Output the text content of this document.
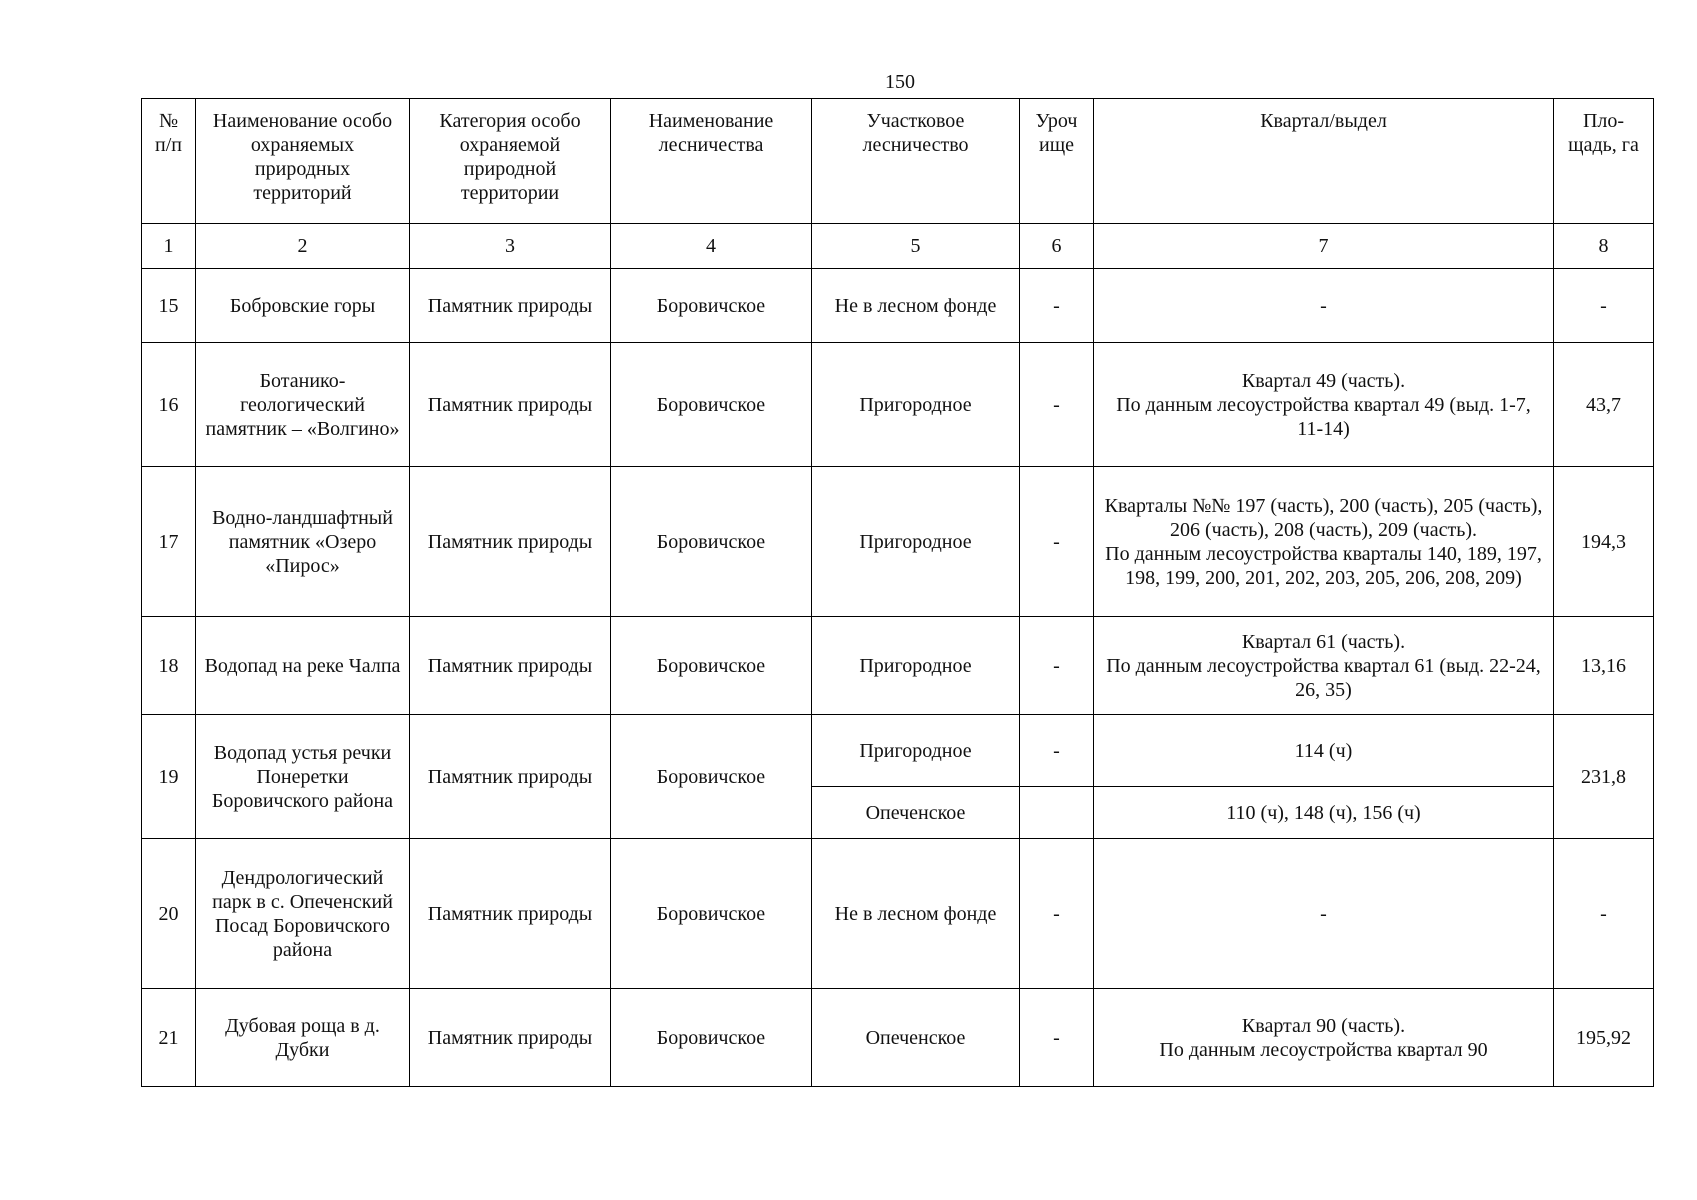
150
№ п/п	Наименование особо охраняемых природных территорий	Категория особо охраняемой природной территории	Наименование лесничества	Участковое лесничество	Уроч ище	Квартал/выдел	Пло- щадь, га
1	2	3	4	5	6	7	8
15	Бобровские горы	Памятник природы	Боровичское	Не в лесном фонде	-	-	-
16	Ботанико-геологический памятник – «Волгино»	Памятник природы	Боровичское	Пригородное	-	Квартал 49 (часть).
По данным лесоустройства квартал 49 (выд. 1-7, 11-14)	43,7
17	Водно-ландшафтный памятник «Озеро «Пирос»	Памятник природы	Боровичское	Пригородное	-	Кварталы №№ 197 (часть), 200 (часть), 205 (часть), 206 (часть), 208 (часть), 209 (часть).
По данным лесоустройства кварталы 140, 189, 197, 198, 199, 200, 201, 202, 203, 205, 206, 208, 209)	194,3
18	Водопад на реке Чалпа	Памятник природы	Боровичское	Пригородное	-	Квартал 61 (часть).
По данным лесоустройства квартал 61 (выд. 22-24, 26, 35)	13,16
19	Водопад устья речки Понеретки Боровичского района	Памятник природы	Боровичское	Пригородное	-	114 (ч)	231,8
				Опеченское		110 (ч), 148 (ч), 156 (ч)	
20	Дендрологический парк в с. Опеченский Посад Боровичского района	Памятник природы	Боровичское	Не в лесном фонде	-	-	-
21	Дубовая роща в д. Дубки	Памятник природы	Боровичское	Опеченское	-	Квартал 90 (часть).
По данным лесоустройства квартал 90	195,92
